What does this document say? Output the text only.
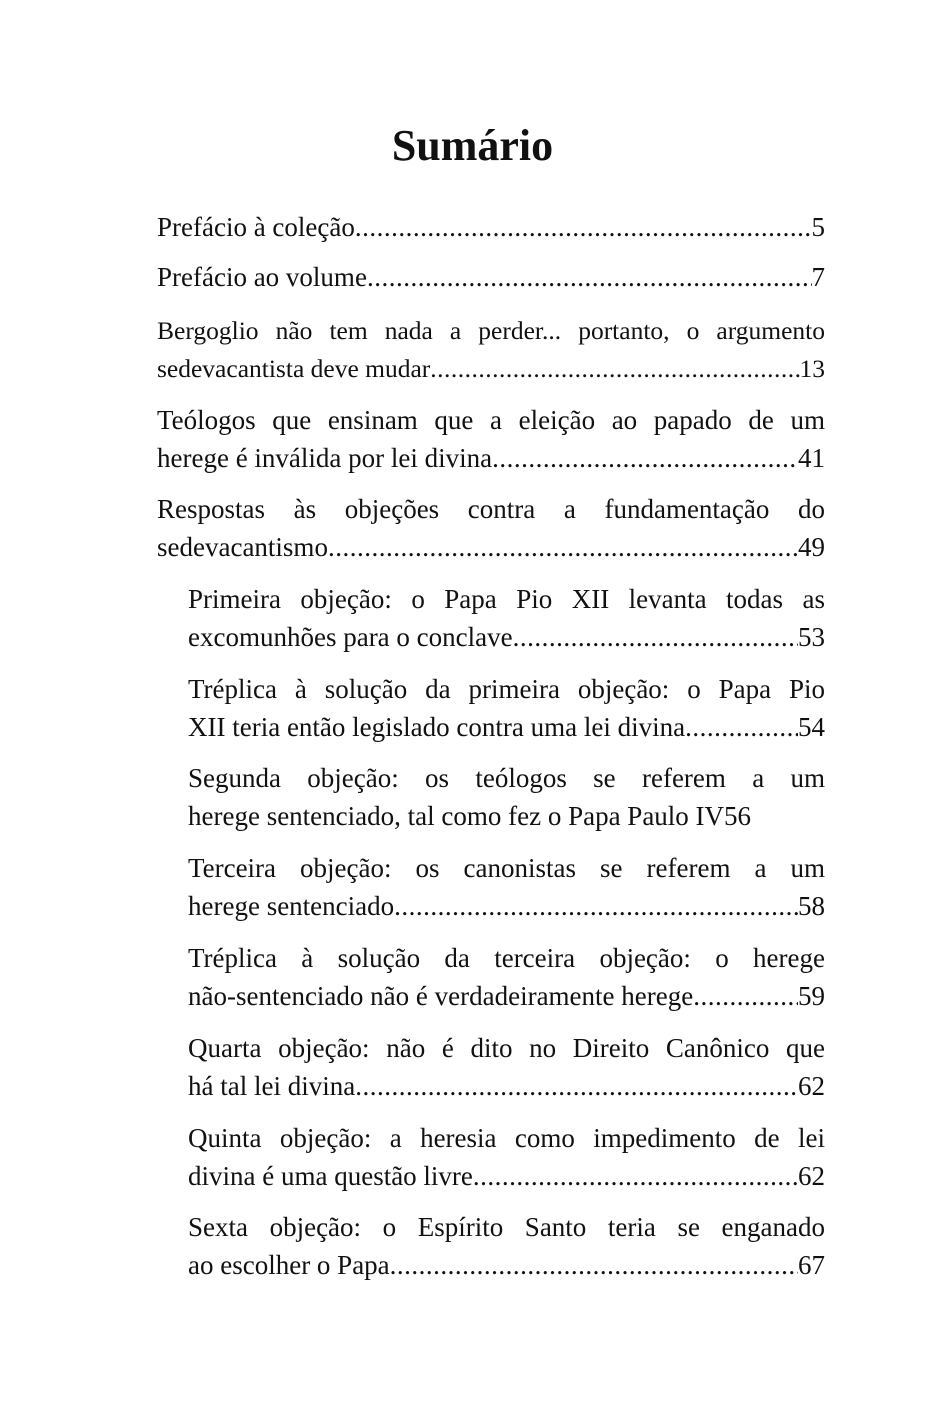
Sumário
Prefácio à coleção .....	5
Prefácio ao volume .....	7
Bergoglio não tem nada a perder... portanto, o argumento
sedevacantista deve mudar .....	13
Teólogos que ensinam que a eleição ao papado de um
herege é inválida por lei divina .....	41
Respostas às objeções contra a fundamentação do
sedevacantismo .....	49
Primeira objeção: o Papa Pio XII levanta todas as
excomunhões para o conclave .....	53
Tréplica à solução da primeira objeção: o Papa Pio
XII teria então legislado contra uma lei divina .....	54
Segunda objeção: os teólogos se referem a um
herege sentenciado, tal como fez o Papa Paulo IV 56
Terceira objeção: os canonistas se referem a um
herege sentenciado .....	58
Tréplica à solução da terceira objeção: o herege
não-sentenciado não é verdadeiramente herege .....	59
Quarta objeção: não é dito no Direito Canônico que
há tal lei divina .....	62
Quinta objeção: a heresia como impedimento de lei
divina é uma questão livre .....	62
Sexta objeção: o Espírito Santo teria se enganado
ao escolher o Papa .....	67
